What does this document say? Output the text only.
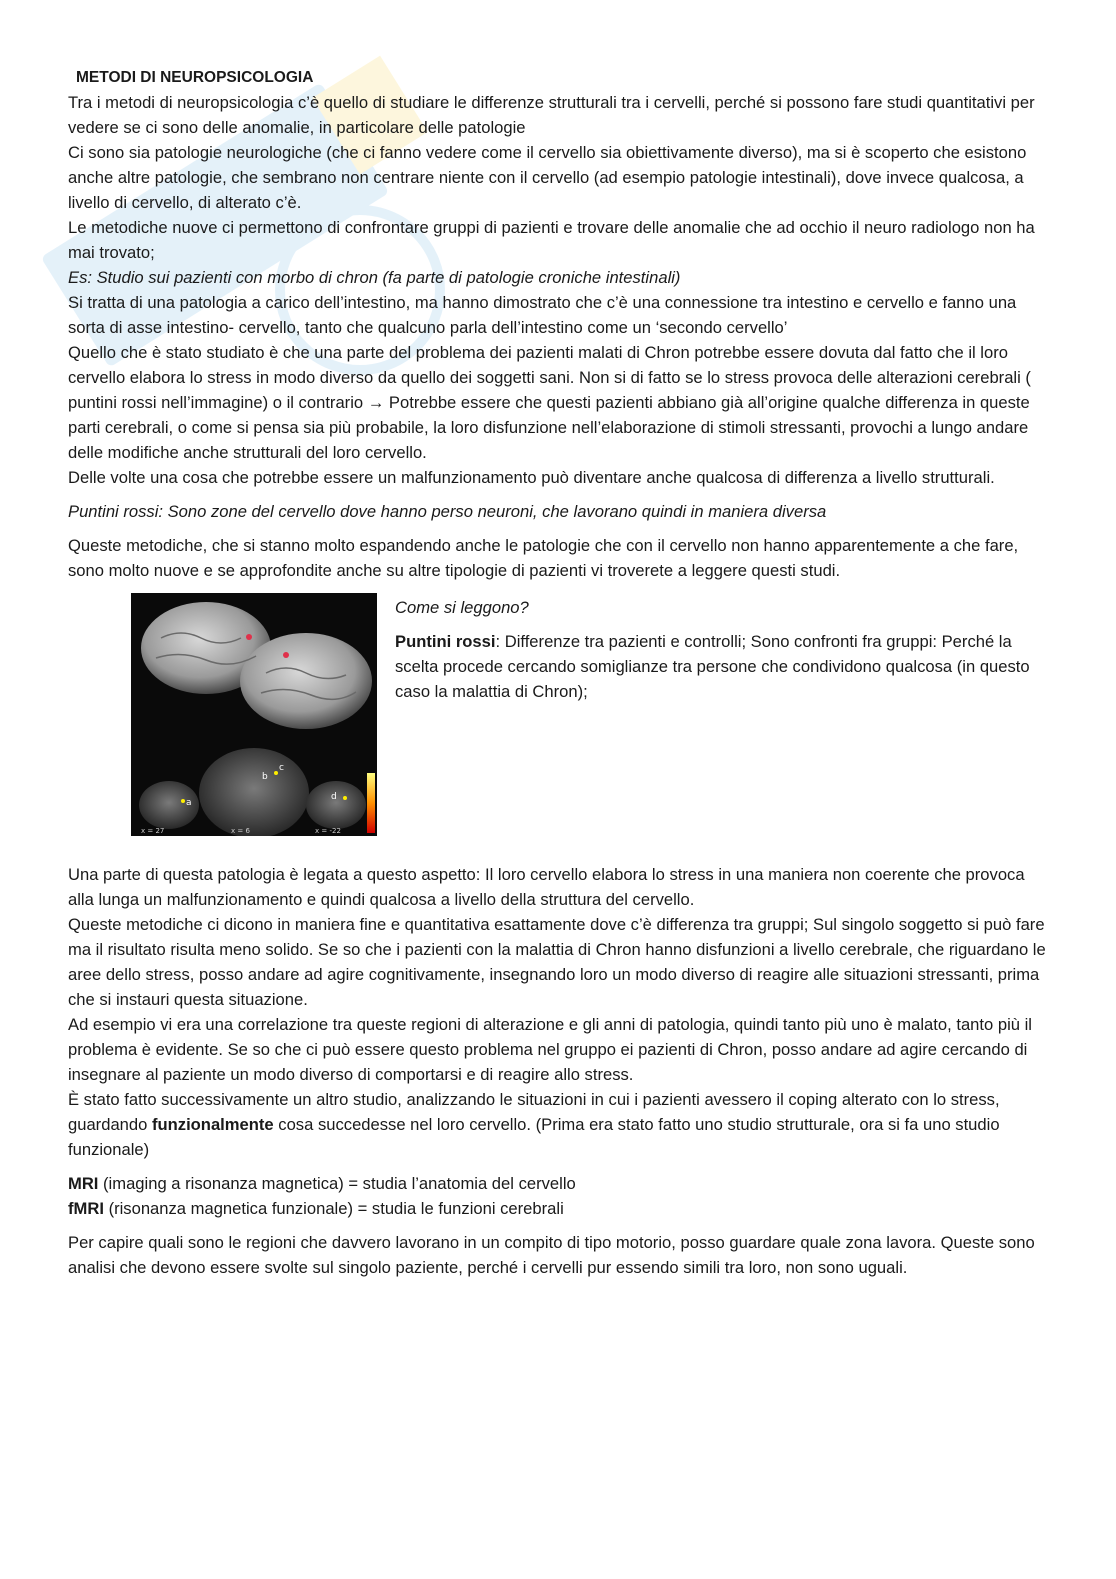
METODI DI NEUROPSICOLOGIA

Tra i metodi di neuropsicologia c’è quello di studiare le differenze strutturali tra i cervelli, perché si possono fare studi quantitativi per vedere se ci sono delle anomalie, in particolare delle patologie

Ci sono sia patologie neurologiche (che ci fanno vedere come il cervello sia obiettivamente diverso), ma si è scoperto che esistono anche altre patologie, che sembrano non centrare niente con il cervello (ad esempio patologie intestinali), dove invece qualcosa, a livello di cervello, di alterato c’è.

Le metodiche nuove ci permettono di confrontare gruppi di pazienti e trovare delle anomalie che ad occhio il neuro radiologo non ha mai trovato;

Es: Studio sui pazienti con morbo di chron (fa parte di patologie croniche intestinali)

Si tratta di una patologia a carico dell’intestino, ma hanno dimostrato che c’è una connessione tra intestino e cervello e fanno una sorta di asse intestino- cervello, tanto che qualcuno parla dell’intestino come un ‘secondo cervello’

Quello che è stato studiato è che una parte del problema dei pazienti malati di Chron potrebbe essere dovuta dal fatto che il loro cervello elabora lo stress in modo diverso da quello dei soggetti sani. Non si di fatto se lo stress provoca delle alterazioni cerebrali ( puntini rossi nell’immagine) o il contrario → Potrebbe essere che questi pazienti abbiano già all’origine qualche differenza in queste parti cerebrali, o come si pensa sia più probabile, la loro disfunzione nell’elaborazione di stimoli stressanti, provochi a lungo andare delle modifiche anche strutturali del loro cervello.

Delle volte una cosa che potrebbe essere un malfunzionamento può diventare anche qualcosa di differenza a livello strutturali.

Puntini rossi: Sono zone del cervello dove hanno perso neuroni, che lavorano quindi in maniera diversa

Queste metodiche, che si stanno molto espandendo anche le patologie che con il cervello non hanno apparentemente a che fare, sono molto nuove e se approfondite anche su altre tipologie di pazienti vi troverete a leggere questi studi.

a
b
c
d
x = 27	x = 6	x = -22

Come si leggono?

Puntini rossi: Differenze tra pazienti e controlli; Sono confronti fra gruppi: Perché la scelta procede cercando somiglianze tra persone che condividono qualcosa (in questo caso la malattia di Chron);

Una parte di questa patologia è legata a questo aspetto: Il loro cervello elabora lo stress in una maniera non coerente che provoca alla lunga un malfunzionamento e quindi qualcosa a livello della struttura del cervello.

Queste metodiche ci dicono in maniera fine e quantitativa esattamente dove c’è differenza tra gruppi; Sul singolo soggetto si può fare ma il risultato risulta meno solido. Se so che i pazienti con la malattia di Chron hanno disfunzioni a livello cerebrale, che riguardano le aree dello stress, posso andare ad agire cognitivamente, insegnando loro un modo diverso di reagire alle situazioni stressanti, prima che si instauri questa situazione.

Ad esempio vi era una correlazione tra queste regioni di alterazione e gli anni di patologia, quindi tanto più uno è malato, tanto più il problema è evidente. Se so che ci può essere questo problema nel gruppo ei pazienti di Chron, posso andare ad agire cercando di insegnare al paziente un modo diverso di comportarsi e di reagire allo stress.

È stato fatto successivamente un altro studio, analizzando le situazioni in cui i pazienti avessero il coping alterato con lo stress, guardando funzionalmente cosa succedesse nel loro cervello. (Prima era stato fatto uno studio strutturale, ora si fa uno studio funzionale)

MRI (imaging a risonanza magnetica) = studia l’anatomia del cervello

fMRI (risonanza magnetica funzionale) = studia le funzioni cerebrali

Per capire quali sono le regioni che davvero lavorano in un compito di tipo motorio, posso guardare quale zona lavora. Queste sono analisi che devono essere svolte sul singolo paziente, perché i cervelli pur essendo simili tra loro, non sono uguali.
